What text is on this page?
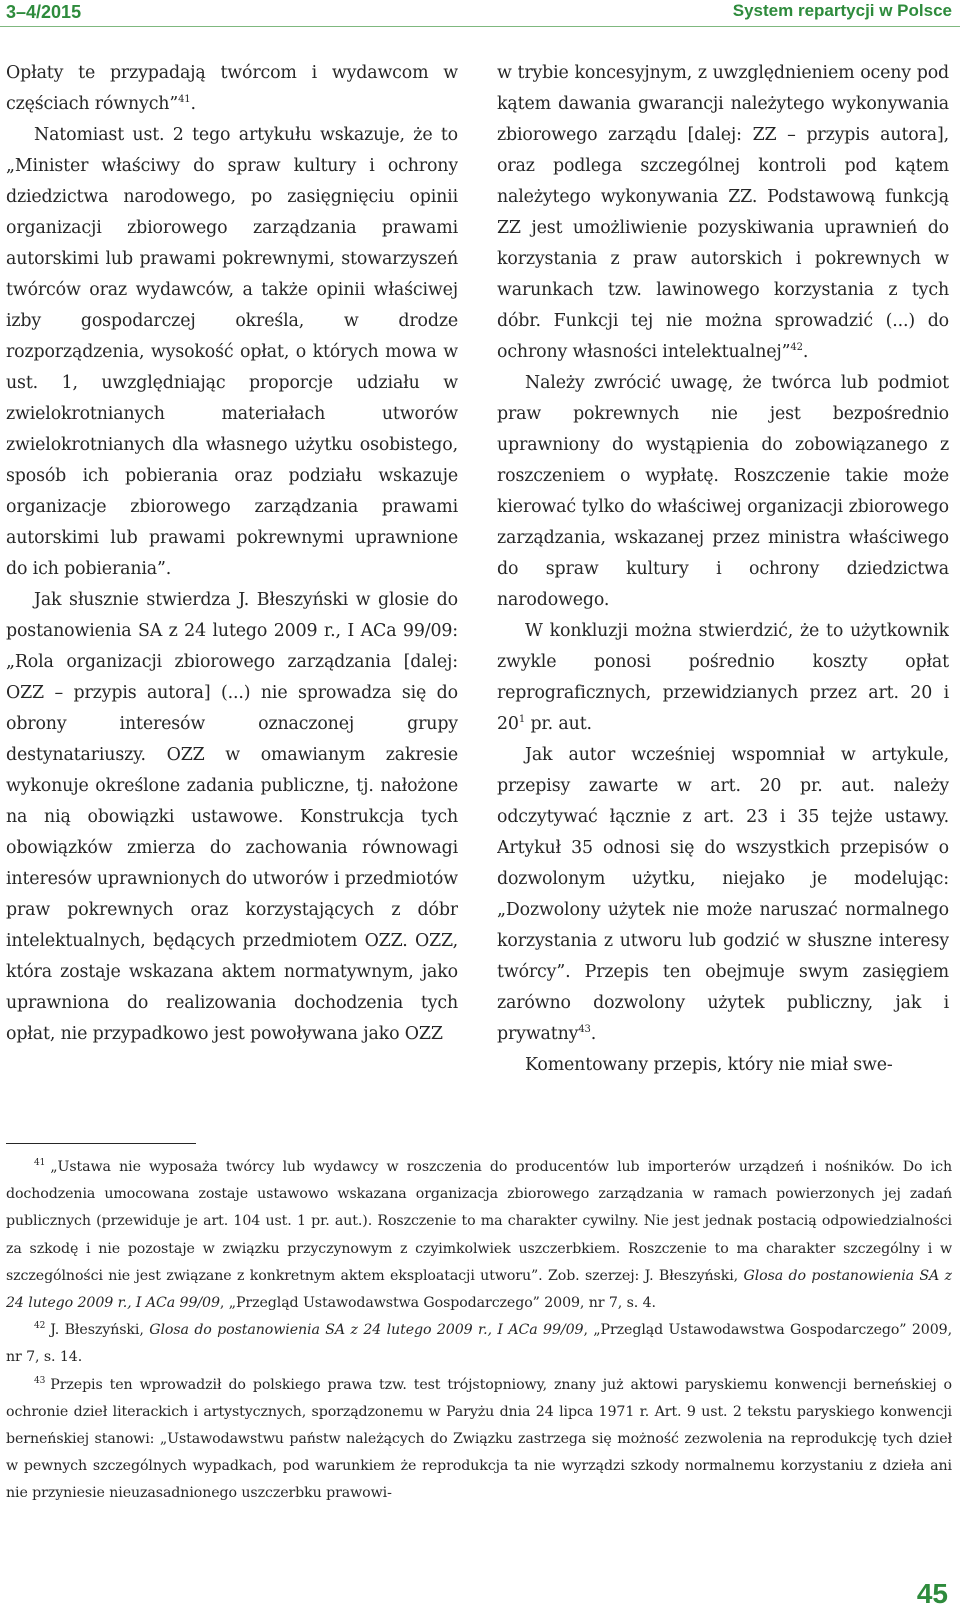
3–4/2015	System repartycji w Polsce

Opłaty te przypadają twórcom i wydawcom w częściach równych”$^{41}$.

Natomiast ust. 2 tego artykułu wskazuje, że to „Minister właściwy do spraw kultury i ochrony dziedzictwa narodowego, po zasięgnięciu opinii organizacji zbiorowego zarządzania prawami autorskimi lub prawami pokrewnymi, stowarzyszeń twórców oraz wydawców, a także opinii właściwej izby gospodarczej określa, w drodze rozporządzenia, wysokość opłat, o których mowa w ust. 1, uwzględniając proporcje udziału w zwielokrotnianych materiałach utworów zwielokrotnianych dla własnego użytku osobistego, sposób ich pobierania oraz podziału wskazuje organizacje zbiorowego zarządzania prawami autorskimi lub prawami pokrewnymi uprawnione do ich pobierania”.

Jak słusznie stwierdza J. Błeszyński w glosie do postanowienia SA z 24 lutego 2009 r., I ACa 99/09: „Rola organizacji zbiorowego zarządzania [dalej: OZZ – przypis autora] (...) nie sprowadza się do obrony interesów oznaczonej grupy destynatariuszy. OZZ w omawianym zakresie wykonuje określone zadania publiczne, tj. nałożone na nią obowiązki ustawowe. Konstrukcja tych obowiązków zmierza do zachowania równowagi interesów uprawnionych do utworów i przedmiotów praw pokrewnych oraz korzystających z dóbr intelektualnych, będących przedmiotem OZZ. OZZ, która zostaje wskazana aktem normatywnym, jako uprawniona do realizowania dochodzenia tych opłat, nie przypadkowo jest powoływana jako OZZ

w trybie koncesyjnym, z uwzględnieniem oceny pod kątem dawania gwarancji należytego wykonywania zbiorowego zarządu [dalej: ZZ – przypis autora], oraz podlega szczególnej kontroli pod kątem należytego wykonywania ZZ. Podstawową funkcją ZZ jest umożliwienie pozyskiwania uprawnień do korzystania z praw autorskich i pokrewnych w warunkach tzw. lawinowego korzystania z tych dóbr. Funkcji tej nie można sprowadzić (...) do ochrony własności intelektualnej”$^{42}$.

Należy zwrócić uwagę, że twórca lub podmiot praw pokrewnych nie jest bezpośrednio uprawniony do wystąpienia do zobowiązanego z roszczeniem o wypłatę. Roszczenie takie może kierować tylko do właściwej organizacji zbiorowego zarządzania, wskazanej przez ministra właściwego do spraw kultury i ochrony dziedzictwa narodowego.

W konkluzji można stwierdzić, że to użytkownik zwykle ponosi pośrednio koszty opłat reprograficznych, przewidzianych przez art. 20 i $20^1$ pr. aut.

Jak autor wcześniej wspomniał w artykule, przepisy zawarte w art. 20 pr. aut. należy odczytywać łącznie z art. 23 i 35 tejże ustawy. Artykuł 35 odnosi się do wszystkich przepisów o dozwolonym użytku, niejako je modelując: „Dozwolony użytek nie może naruszać normalnego korzystania z utworu lub godzić w słuszne interesy twórcy”. Przepis ten obejmuje swym zasięgiem zarówno dozwolony użytek publiczny, jak i prywatny$^{43}$.

Komentowany przepis, który nie miał swe-

$^{41}$ „Ustawa nie wyposaża twórcy lub wydawcy w roszczenia do producentów lub importerów urządzeń i nośników. Do ich dochodzenia umocowana zostaje ustawowo wskazana organizacja zbiorowego zarządzania w ramach powierzonych jej zadań publicznych (przewiduje je art. 104 ust. 1 pr. aut.). Roszczenie to ma charakter cywilny. Nie jest jednak postacią odpowiedzialności za szkodę i nie pozostaje w związku przyczynowym z czyimkolwiek uszczerbkiem. Roszczenie to ma charakter szczególny i w szczególności nie jest związane z konkretnym aktem eksploatacji utworu”. Zob. szerzej: J. Błeszyński, Glosa do postanowienia SA z 24 lutego 2009 r., I ACa 99/09, „Przegląd Ustawodawstwa Gospodarczego” 2009, nr 7, s. 4.

$^{42}$ J. Błeszyński, Glosa do postanowienia SA z 24 lutego 2009 r., I ACa 99/09, „Przegląd Ustawodawstwa Gospodarczego” 2009, nr 7, s. 14.

$^{43}$ Przepis ten wprowadził do polskiego prawa tzw. test trójstopniowy, znany już aktowi paryskiemu konwencji berneńskiej o ochronie dzieł literackich i artystycznych, sporządzonemu w Paryżu dnia 24 lipca 1971 r. Art. 9 ust. 2 tekstu paryskiego konwencji berneńskiej stanowi: „Ustawodawstwu państw należących do Związku zastrzega się możność zezwolenia na reprodukcję tych dzieł w pewnych szczególnych wypadkach, pod warunkiem że reprodukcja ta nie wyrządzi szkody normalnemu korzystaniu z dzieła ani nie przyniesie nieuzasadnionego uszczerbku prawowi-

45
